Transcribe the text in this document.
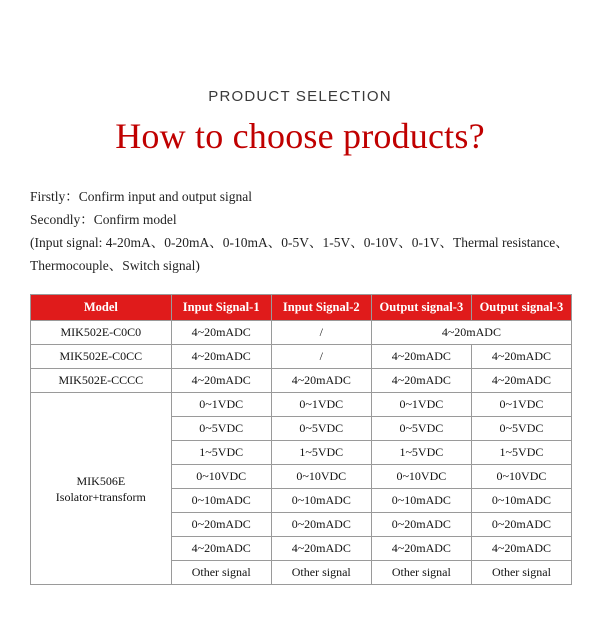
PRODUCT SELECTION
How to choose products?

Firstly：Confirm input and output signal

Secondly：Confirm model

(Input signal: 4-20mA、0-20mA、0-10mA、0-5V、1-5V、0-10V、0-1V、Thermal resistance、

Thermocouple、Switch signal)

Model	Input Signal-1	Input Signal-2	Output signal-3	Output signal-3
MIK502E-C0C0	4~20mADC	/	4~20mADC	
MIK502E-C0CC	4~20mADC	/	4~20mADC	4~20mADC
MIK502E-CCCC	4~20mADC	4~20mADC	4~20mADC	4~20mADC
MIK506E
Isolator+transform	0~1VDC	0~1VDC	0~1VDC	0~1VDC
	0~5VDC	0~5VDC	0~5VDC	0~5VDC
	1~5VDC	1~5VDC	1~5VDC	1~5VDC
	0~10VDC	0~10VDC	0~10VDC	0~10VDC
	0~10mADC	0~10mADC	0~10mADC	0~10mADC
	0~20mADC	0~20mADC	0~20mADC	0~20mADC
	4~20mADC	4~20mADC	4~20mADC	4~20mADC
	Other signal	Other signal	Other signal	Other signal
